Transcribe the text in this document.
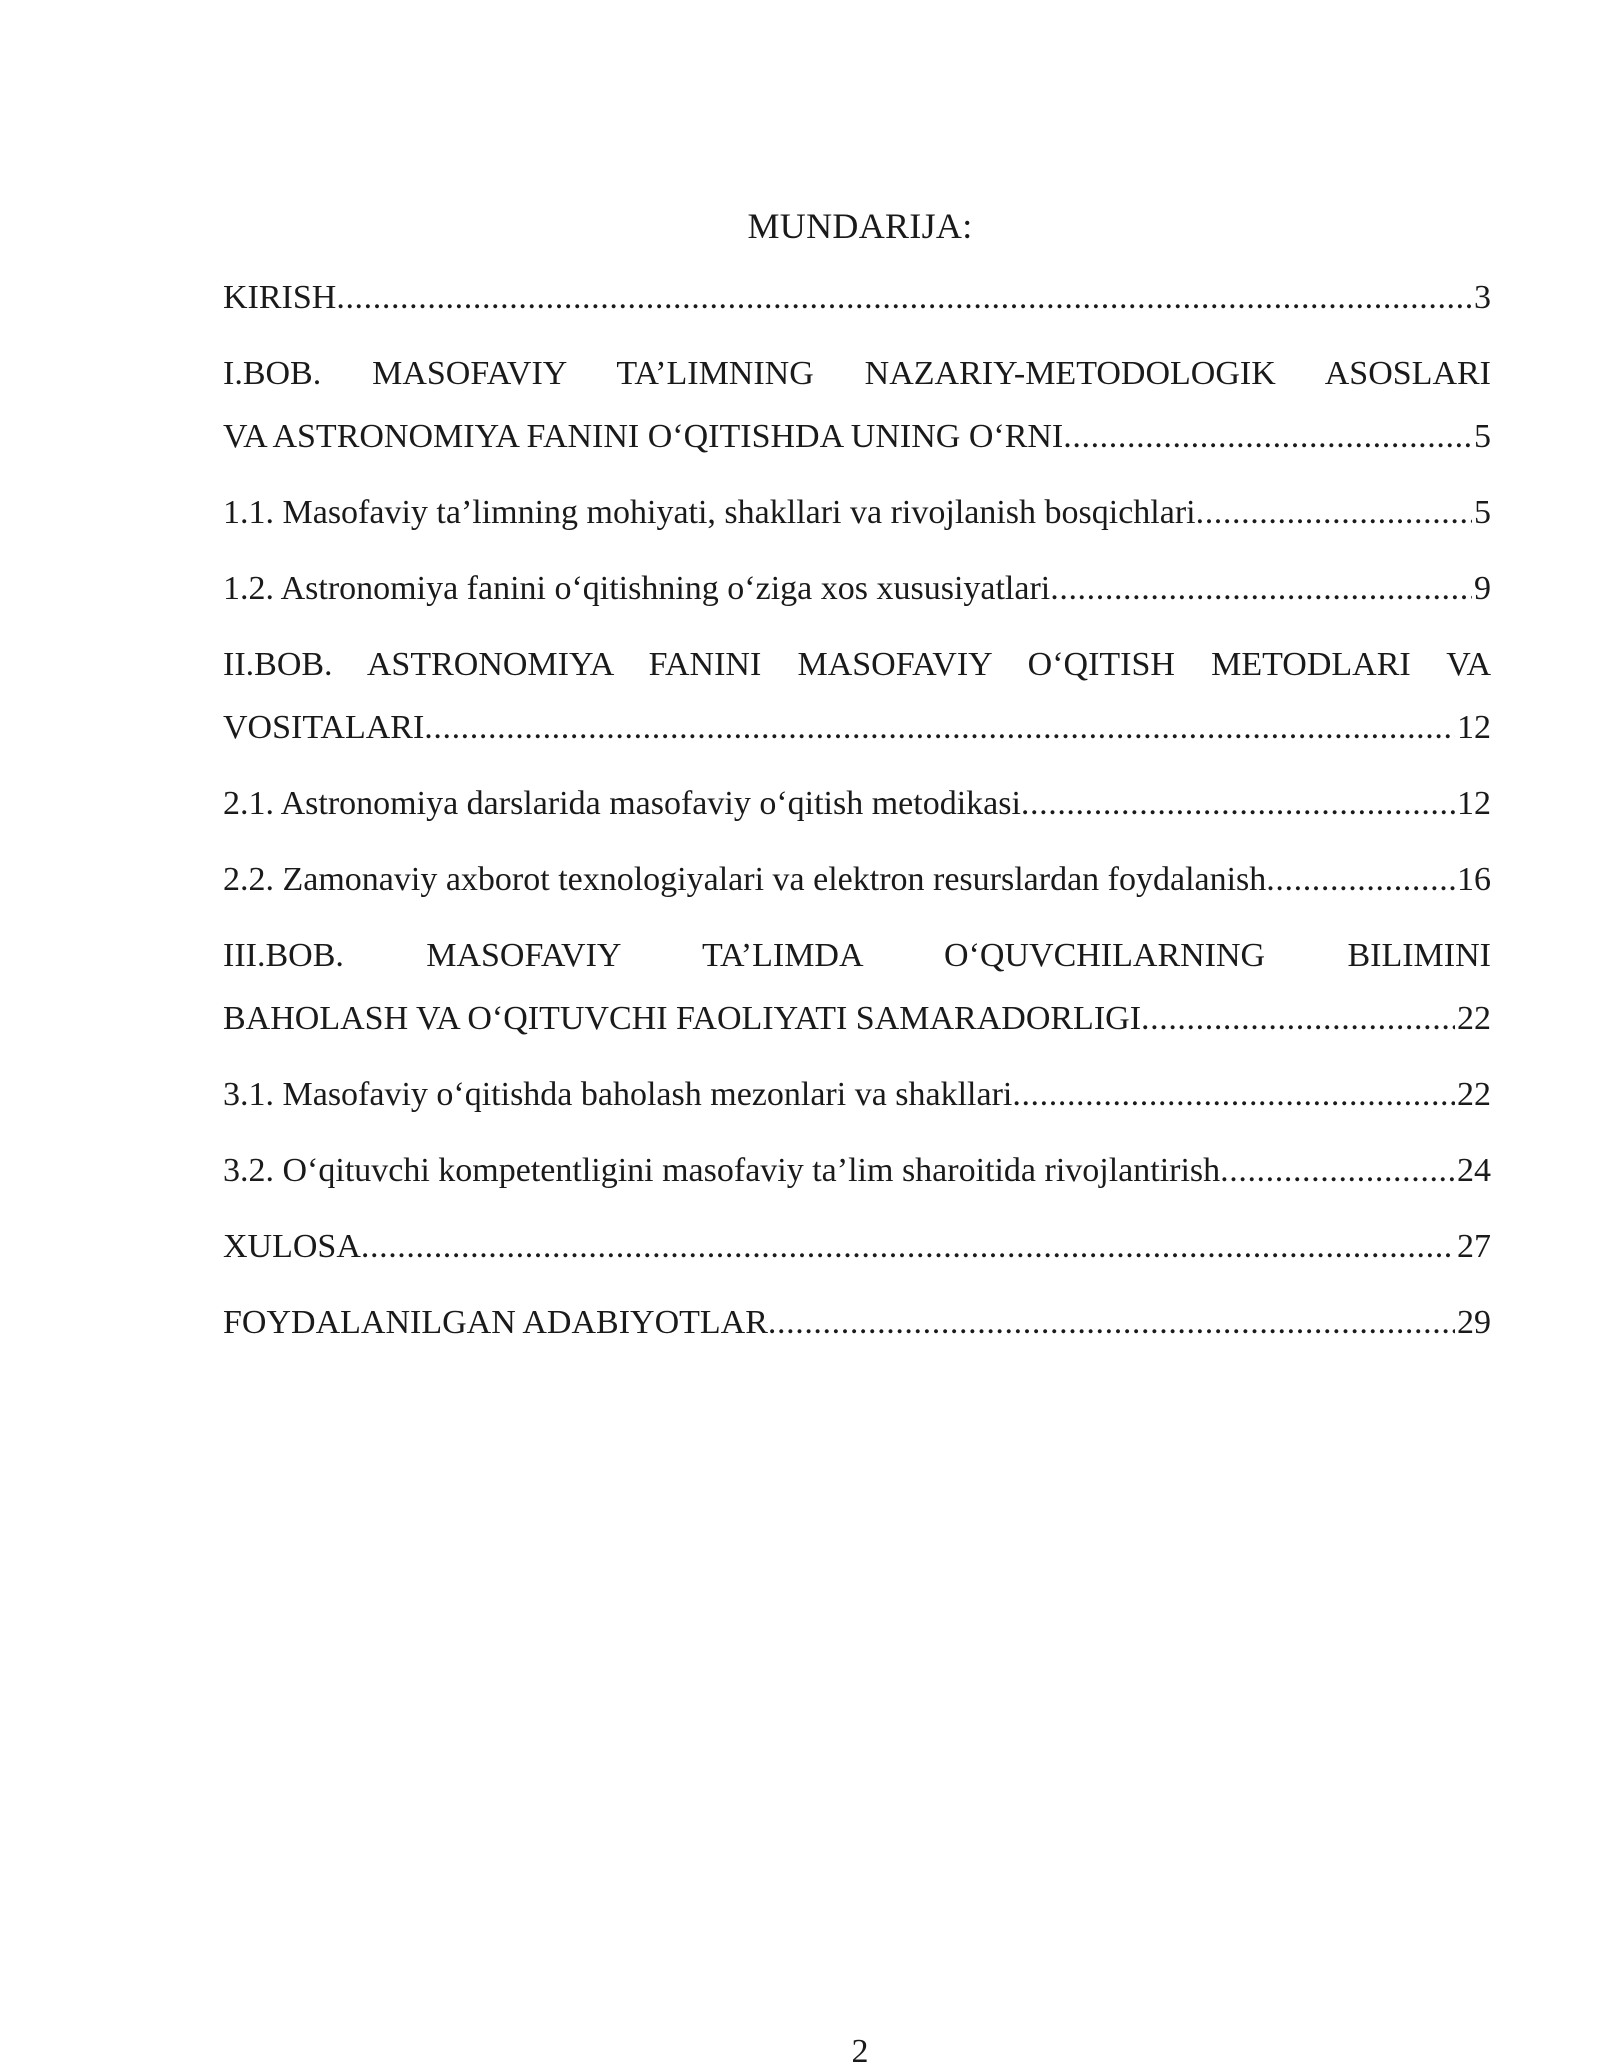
MUNDARIJA:
KIRISH .....	3
I.BOB. MASOFAVIY TA’LIMNING NAZARIY-METODOLOGIK ASOSLARI
VA ASTRONOMIYA FANINI O‘QITISHDA UNING O‘RNI .....	5
1.1. Masofaviy ta’limning mohiyati, shakllari va rivojlanish bosqichlari .....	5
1.2. Astronomiya fanini o‘qitishning o‘ziga xos xususiyatlari .....	9
II.BOB. ASTRONOMIYA FANINI MASOFAVIY O‘QITISH METODLARI VA
VOSITALARI .....	12
2.1. Astronomiya darslarida masofaviy o‘qitish metodikasi .....	12
2.2. Zamonaviy axborot texnologiyalari va elektron resurslardan foydalanish .....	16
III.BOB. MASOFAVIY TA’LIMDA O‘QUVCHILARNING BILIMINI
BAHOLASH VA O‘QITUVCHI FAOLIYATI SAMARADORLIGI .....	22
3.1. Masofaviy o‘qitishda baholash mezonlari va shakllari .....	22
3.2. O‘qituvchi kompetentligini masofaviy ta’lim sharoitida rivojlantirish .....	24
XULOSA .....	27
FOYDALANILGAN ADABIYOTLAR .....	29
2
